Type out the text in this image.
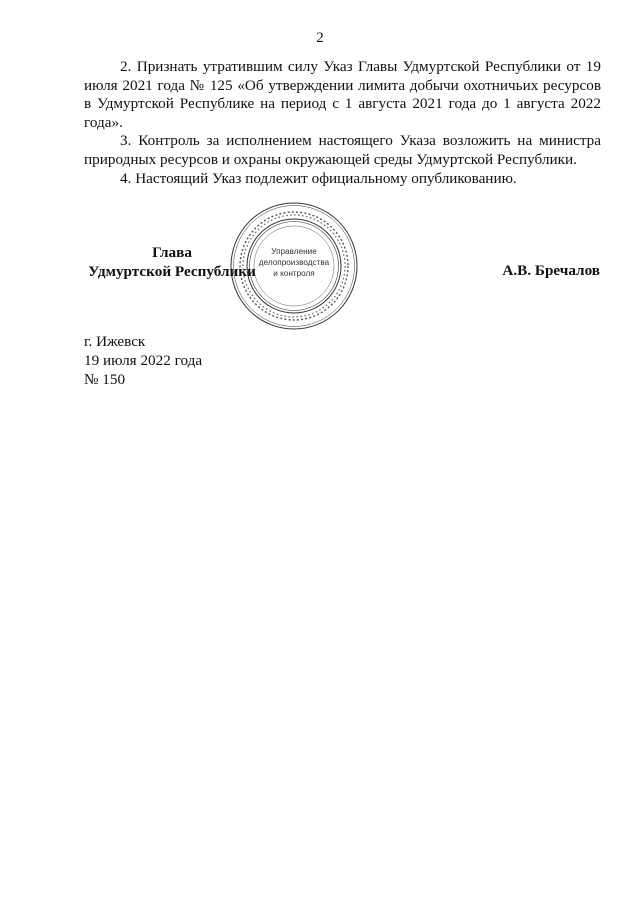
2

2. Признать утратившим силу Указ Главы Удмуртской Республики от 19 июля 2021 года № 125 «Об утверждении лимита добычи охотничьих ресурсов в Удмуртской Республике на период с 1 августа 2021 года до 1 августа 2022 года».

3. Контроль за исполнением настоящего Указа возложить на министра природных ресурсов и охраны окружающей среды Удмуртской Республики.

4. Настоящий Указ подлежит официальному опубликованию.

Управление
делопроизводства
и контроля
Глава
Удмуртской Республики	А.В. Бречалов
г. Ижевск
19 июля 2022 года
№ 150
